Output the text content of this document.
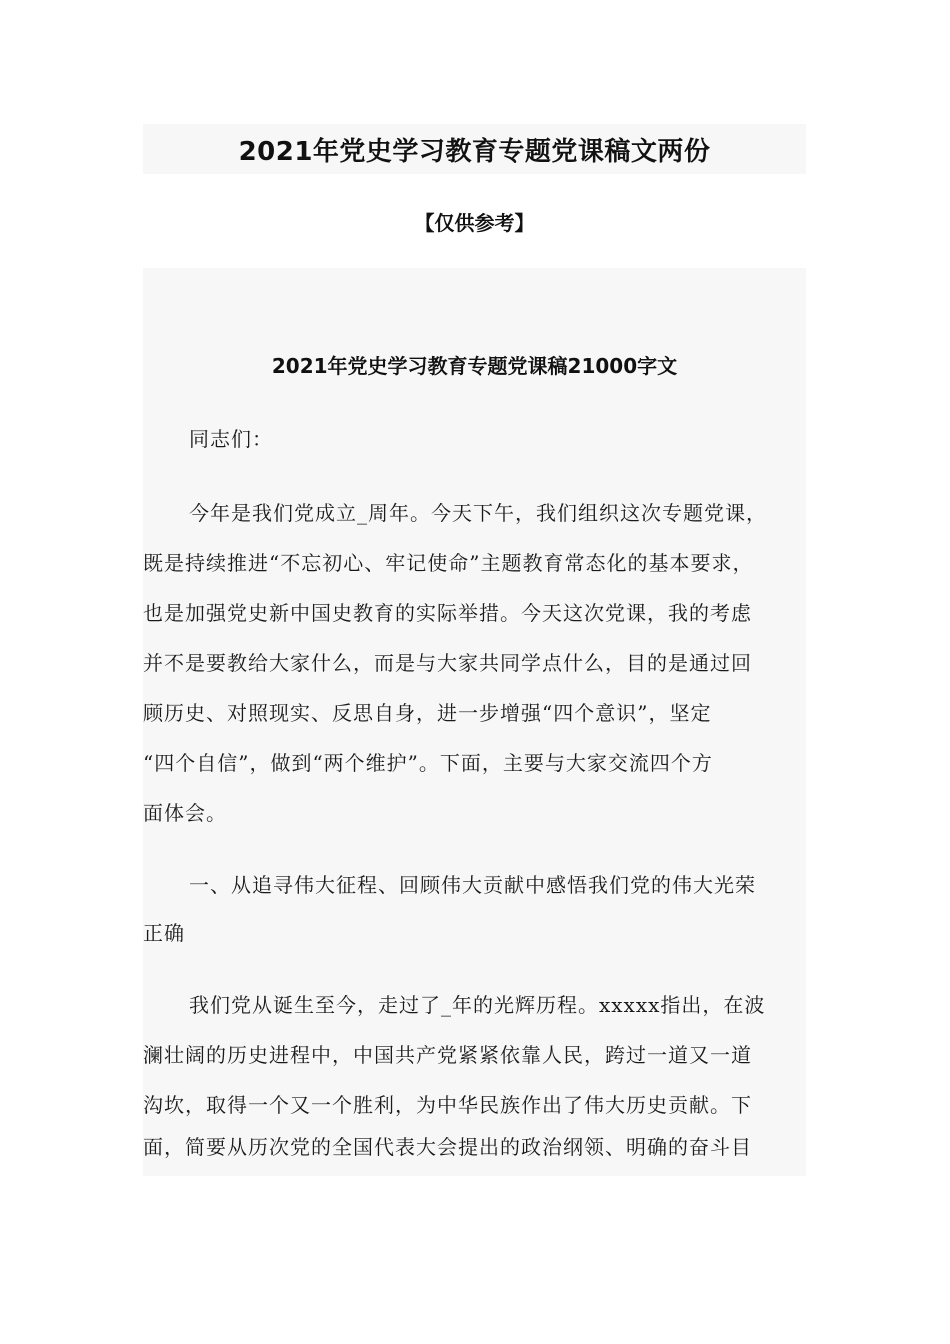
2021年党史学习教育专题党课稿文两份
【仅供参考】
2021年党史学习教育专题党课稿21000字文
同志们：
今年是我们党成立_周年。今天下午，我们组织这次专题党课，
既是持续推进“不忘初心、牢记使命”主题教育常态化的基本要求，
也是加强党史新中国史教育的实际举措。今天这次党课，我的考虑
并不是要教给大家什么，而是与大家共同学点什么，目的是通过回
顾历史、对照现实、反思自身，进一步增强“四个意识”，坚定
“四个自信”，做到“两个维护”。下面，主要与大家交流四个方
面体会。
一、从追寻伟大征程、回顾伟大贡献中感悟我们党的伟大光荣
正确
我们党从诞生至今，走过了_年的光辉历程。xxxxx指出，在波
澜壮阔的历史进程中，中国共产党紧紧依靠人民，跨过一道又一道
沟坎，取得一个又一个胜利，为中华民族作出了伟大历史贡献。下
面，简要从历次党的全国代表大会提出的政治纲领、明确的奋斗目
